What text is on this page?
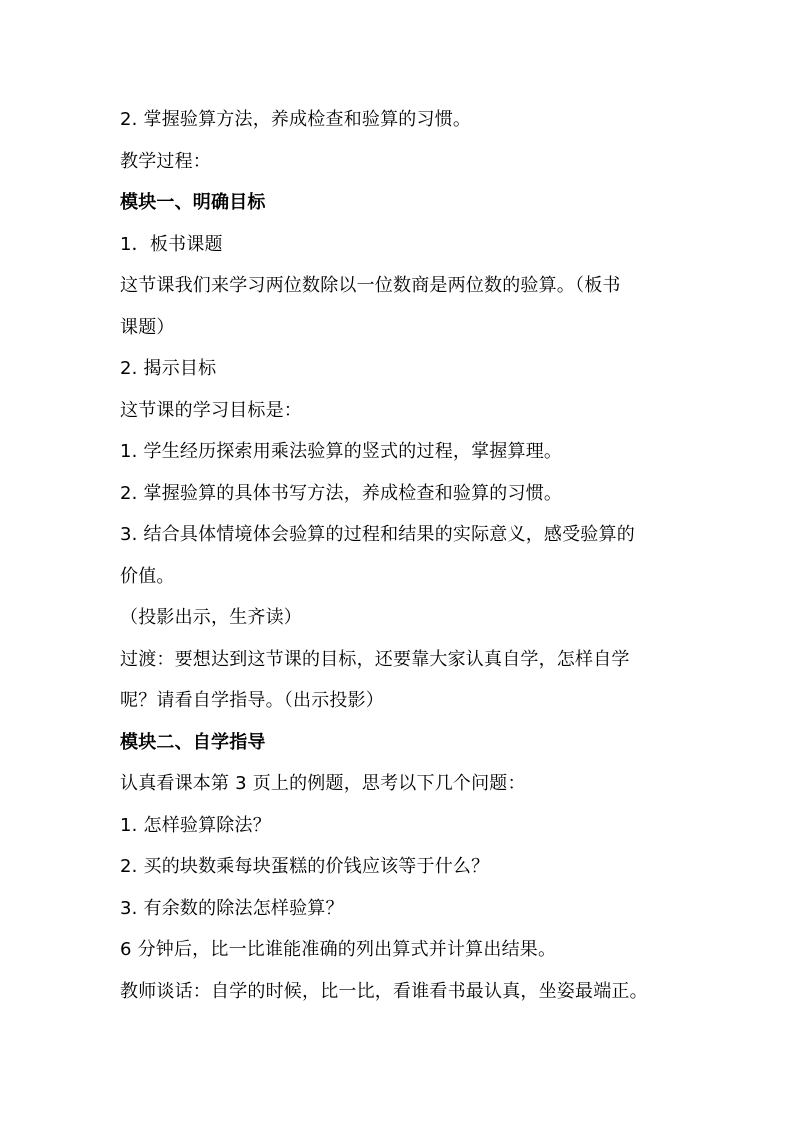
2. 掌握验算方法，养成检查和验算的习惯。
教学过程：
模块一、明确目标
1．板书课题
这节课我们来学习两位数除以一位数商是两位数的验算。（板书
课题）
2. 揭示目标
这节课的学习目标是：
1. 学生经历探索用乘法验算的竖式的过程，掌握算理。
2. 掌握验算的具体书写方法，养成检查和验算的习惯。
3. 结合具体情境体会验算的过程和结果的实际意义，感受验算的
价值。
（投影出示，生齐读）
过渡：要想达到这节课的目标，还要靠大家认真自学，怎样自学
呢？请看自学指导。（出示投影）
模块二、自学指导
认真看课本第 3 页上的例题，思考以下几个问题：
1. 怎样验算除法？
2. 买的块数乘每块蛋糕的价钱应该等于什么？
3. 有余数的除法怎样验算？
6 分钟后，比一比谁能准确的列出算式并计算出结果。
教师谈话：自学的时候，比一比，看谁看书最认真，坐姿最端正。
